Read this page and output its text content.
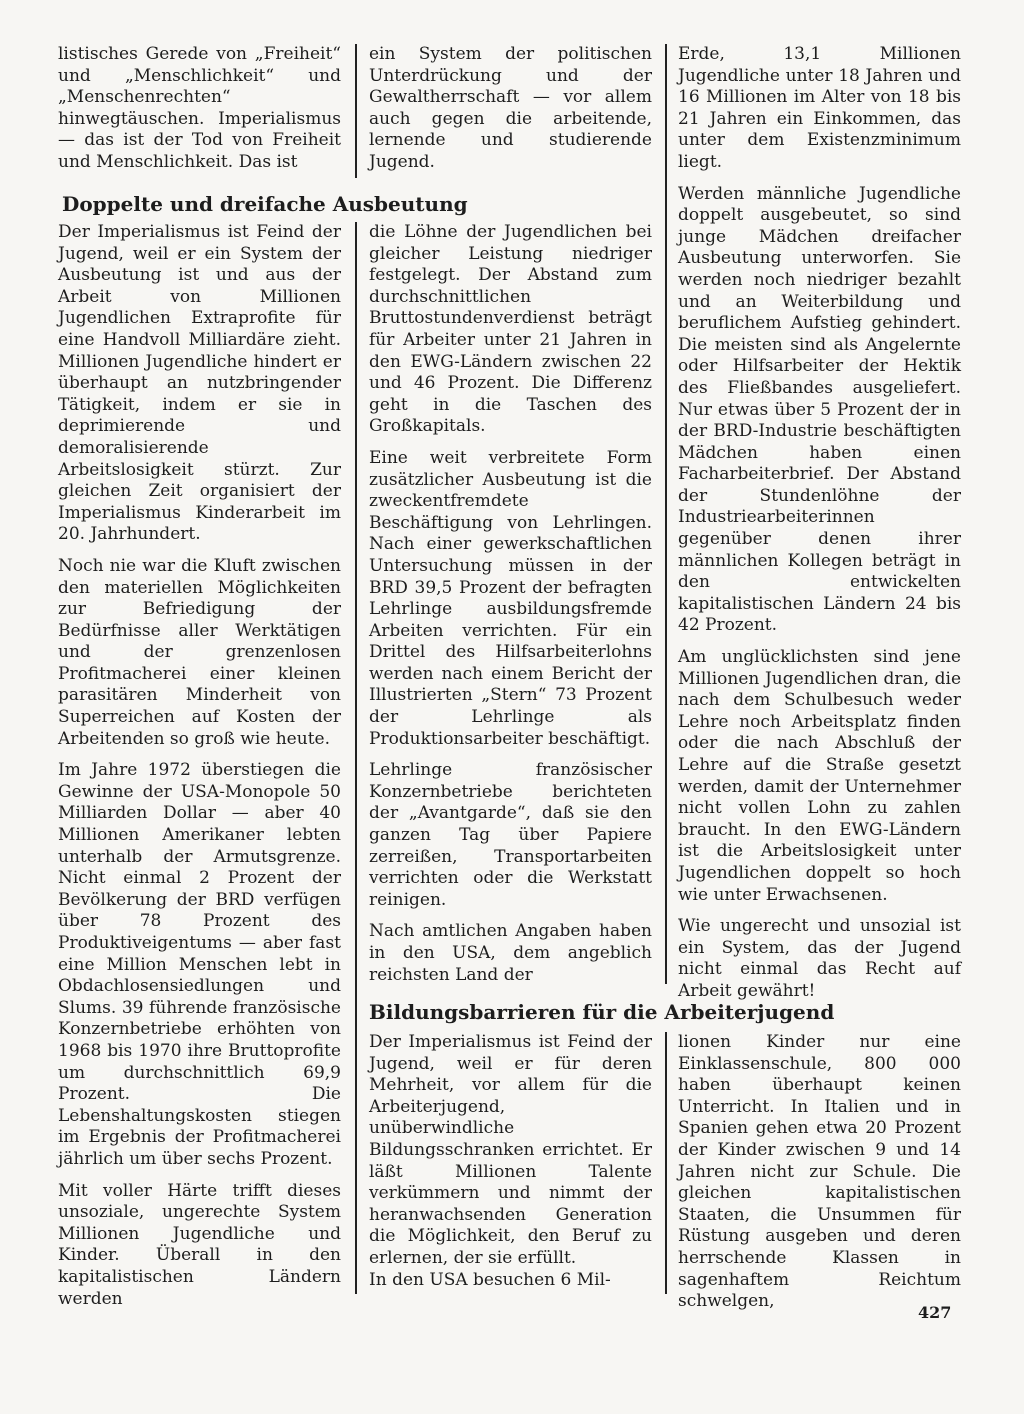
listisches Gerede von „Freiheit“ und „Menschlichkeit“ und „Menschenrechten“ hinwegtäuschen. Imperialismus — das ist der Tod von Freiheit und Menschlichkeit. Das ist

ein System der politischen Unterdrückung und der Gewaltherrschaft — vor allem auch gegen die arbeitende, lernende und studierende Jugend.

Doppelte und dreifache Ausbeutung

Der Imperialismus ist Feind der Jugend, weil er ein System der Ausbeutung ist und aus der Arbeit von Millionen Jugendlichen Extraprofite für eine Handvoll Milliardäre zieht. Millionen Jugendliche hindert er überhaupt an nutzbringender Tätigkeit, indem er sie in deprimierende und demoralisierende Arbeitslosigkeit stürzt. Zur gleichen Zeit organisiert der Imperialismus Kinderarbeit im 20. Jahrhundert.

Noch nie war die Kluft zwischen den materiellen Möglichkeiten zur Befriedigung der Bedürfnisse aller Werktätigen und der grenzenlosen Profitmacherei einer kleinen parasitären Minderheit von Superreichen auf Kosten der Arbeitenden so groß wie heute.

Im Jahre 1972 überstiegen die Gewinne der USA-Monopole 50 Milliarden Dollar — aber 40 Millionen Amerikaner lebten unterhalb der Armutsgrenze. Nicht einmal 2 Prozent der Bevölkerung der BRD verfügen über 78 Prozent des Produktiveigentums — aber fast eine Million Menschen lebt in Obdachlosensiedlungen und Slums. 39 führende französische Konzernbetriebe erhöhten von 1968 bis 1970 ihre Bruttoprofite um durchschnittlich 69,9 Prozent. Die Lebenshaltungskosten stiegen im Ergebnis der Profitmacherei jährlich um über sechs Prozent.

Mit voller Härte trifft dieses unsoziale, ungerechte System Millionen Jugendliche und Kinder. Überall in den kapitalistischen Ländern werden

die Löhne der Jugendlichen bei gleicher Leistung niedriger festgelegt. Der Abstand zum durchschnittlichen Bruttostundenverdienst beträgt für Arbeiter unter 21 Jahren in den EWG-Ländern zwischen 22 und 46 Prozent. Die Differenz geht in die Taschen des Großkapitals.

Eine weit verbreitete Form zusätzlicher Ausbeutung ist die zweckentfremdete Beschäftigung von Lehrlingen. Nach einer gewerkschaftlichen Untersuchung müssen in der BRD 39,5 Prozent der befragten Lehrlinge ausbildungsfremde Arbeiten verrichten. Für ein Drittel des Hilfsarbeiterlohns werden nach einem Bericht der Illustrierten „Stern“ 73 Prozent der Lehrlinge als Produktionsarbeiter beschäftigt.

Lehrlinge französischer Konzernbetriebe berichteten der „Avantgarde“, daß sie den ganzen Tag über Papiere zerreißen, Transportarbeiten verrichten oder die Werkstatt reinigen.

Nach amtlichen Angaben haben in den USA, dem angeblich reichsten Land der

Erde, 13,1 Millionen Jugendliche unter 18 Jahren und 16 Millionen im Alter von 18 bis 21 Jahren ein Einkommen, das unter dem Existenzminimum liegt.

Werden männliche Jugendliche doppelt ausgebeutet, so sind junge Mädchen dreifacher Ausbeutung unterworfen. Sie werden noch niedriger bezahlt und an Weiterbildung und beruflichem Aufstieg gehindert. Die meisten sind als Angelernte oder Hilfsarbeiter der Hektik des Fließbandes ausgeliefert. Nur etwas über 5 Prozent der in der BRD-Industrie beschäftigten Mädchen haben einen Facharbeiterbrief. Der Abstand der Stundenlöhne der Industriearbeiterinnen gegenüber denen ihrer männlichen Kollegen beträgt in den entwickelten kapitalistischen Ländern 24 bis 42 Prozent.

Am unglücklichsten sind jene Millionen Jugendlichen dran, die nach dem Schulbesuch weder Lehre noch Arbeitsplatz finden oder die nach Abschluß der Lehre auf die Straße gesetzt werden, damit der Unternehmer nicht vollen Lohn zu zahlen braucht. In den EWG-Ländern ist die Arbeitslosigkeit unter Jugendlichen doppelt so hoch wie unter Erwachsenen.

Wie ungerecht und unsozial ist ein System, das der Jugend nicht einmal das Recht auf Arbeit gewährt!

Bildungsbarrieren für die Arbeiterjugend

Der Imperialismus ist Feind der Jugend, weil er für deren Mehrheit, vor allem für die Arbeiterjugend, unüberwindliche Bildungsschranken errichtet. Er läßt Millionen Talente verkümmern und nimmt der heranwachsenden Generation die Möglichkeit, den Beruf zu erlernen, der sie erfüllt.

In den USA besuchen 6 Mil-

lionen Kinder nur eine Einklassenschule, 800 000 haben überhaupt keinen Unterricht. In Italien und in Spanien gehen etwa 20 Prozent der Kinder zwischen 9 und 14 Jahren nicht zur Schule. Die gleichen kapitalistischen Staaten, die Unsummen für Rüstung ausgeben und deren herrschende Klassen in sagenhaftem Reichtum schwelgen,

427
